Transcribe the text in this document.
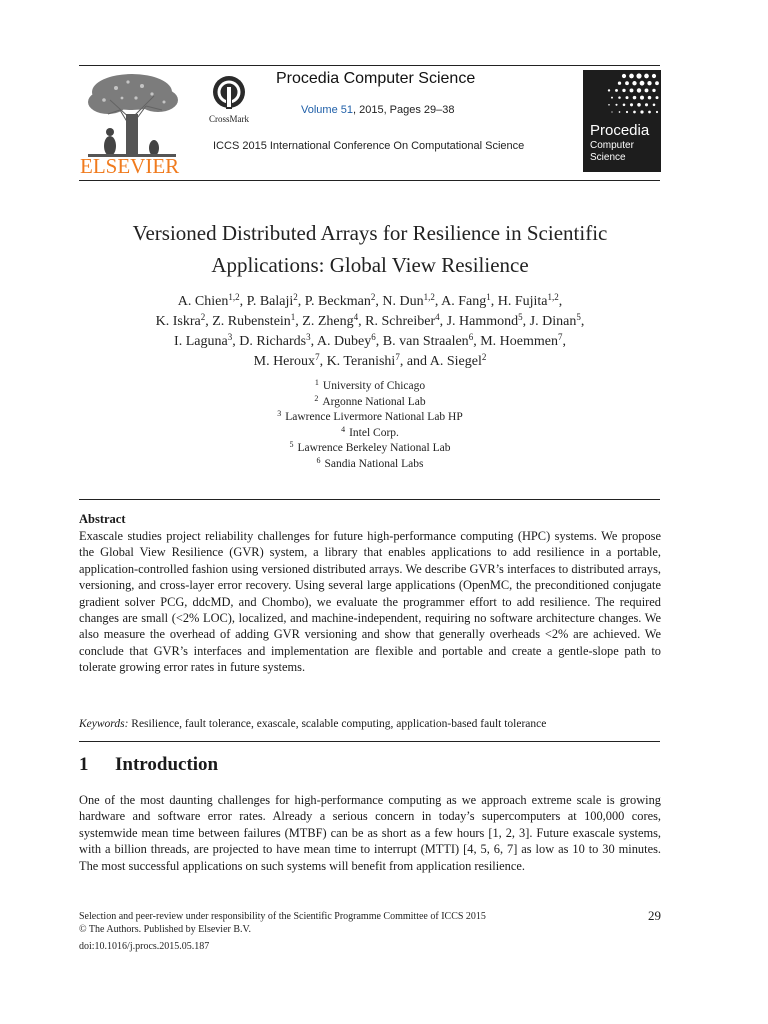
ELSEVIER
CrossMark
Procedia Computer Science
Volume 51, 2015, Pages 29–38
ICCS 2015 International Conference On Computational Science
Procedia
Computer
Science
Versioned Distributed Arrays for Resilience in Scientific
Applications: Global View Resilience
A. Chien$^{1,2}$, P. Balaji$^2$, P. Beckman$^2$, N. Dun$^{1,2}$, A. Fang$^1$, H. Fujita$^{1,2}$,
K. Iskra$^2$, Z. Rubenstein$^1$, Z. Zheng$^4$, R. Schreiber$^4$, J. Hammond$^5$, J. Dinan$^5$,
I. Laguna$^3$, D. Richards$^3$, A. Dubey$^6$, B. van Straalen$^6$, M. Hoemmen$^7$,
M. Heroux$^7$, K. Teranishi$^7$, and A. Siegel$^2$
$^1$ University of Chicago
$^2$ Argonne National Lab
$^3$ Lawrence Livermore National Lab HP
$^4$ Intel Corp.
$^5$ Lawrence Berkeley National Lab
$^6$ Sandia National Labs
Abstract
Exascale studies project reliability challenges for future high-performance computing (HPC) systems. We propose the Global View Resilience (GVR) system, a library that enables applications to add resilience in a portable, application-controlled fashion using versioned distributed arrays. We describe GVR’s interfaces to distributed arrays, versioning, and cross-layer error recovery. Using several large applications (OpenMC, the preconditioned conjugate gradient solver PCG, ddcMD, and Chombo), we evaluate the programmer effort to add resilience. The required changes are small (<2% LOC), localized, and machine-independent, requiring no software architecture changes. We also measure the overhead of adding GVR versioning and show that generally overheads <2% are achieved. We conclude that GVR’s interfaces and implementation are flexible and portable and create a gentle-slope path to tolerate growing error rates in future systems.
Keywords: Resilience, fault tolerance, exascale, scalable computing, application-based fault tolerance
1 Introduction
One of the most daunting challenges for high-performance computing as we approach extreme scale is growing hardware and software error rates. Already a serious concern in today’s supercomputers at 100,000 cores, systemwide mean time between failures (MTBF) can be as short as a few hours [1, 2, 3]. Future exascale systems, with a billion threads, are projected to have mean time to interrupt (MTTI) [4, 5, 6, 7] as low as 10 to 30 minutes. The most successful applications on such systems will benefit from application resilience.
Selection and peer-review under responsibility of the Scientific Programme Committee of ICCS 2015
© The Authors. Published by Elsevier B.V.
29
doi:10.1016/j.procs.2015.05.187
